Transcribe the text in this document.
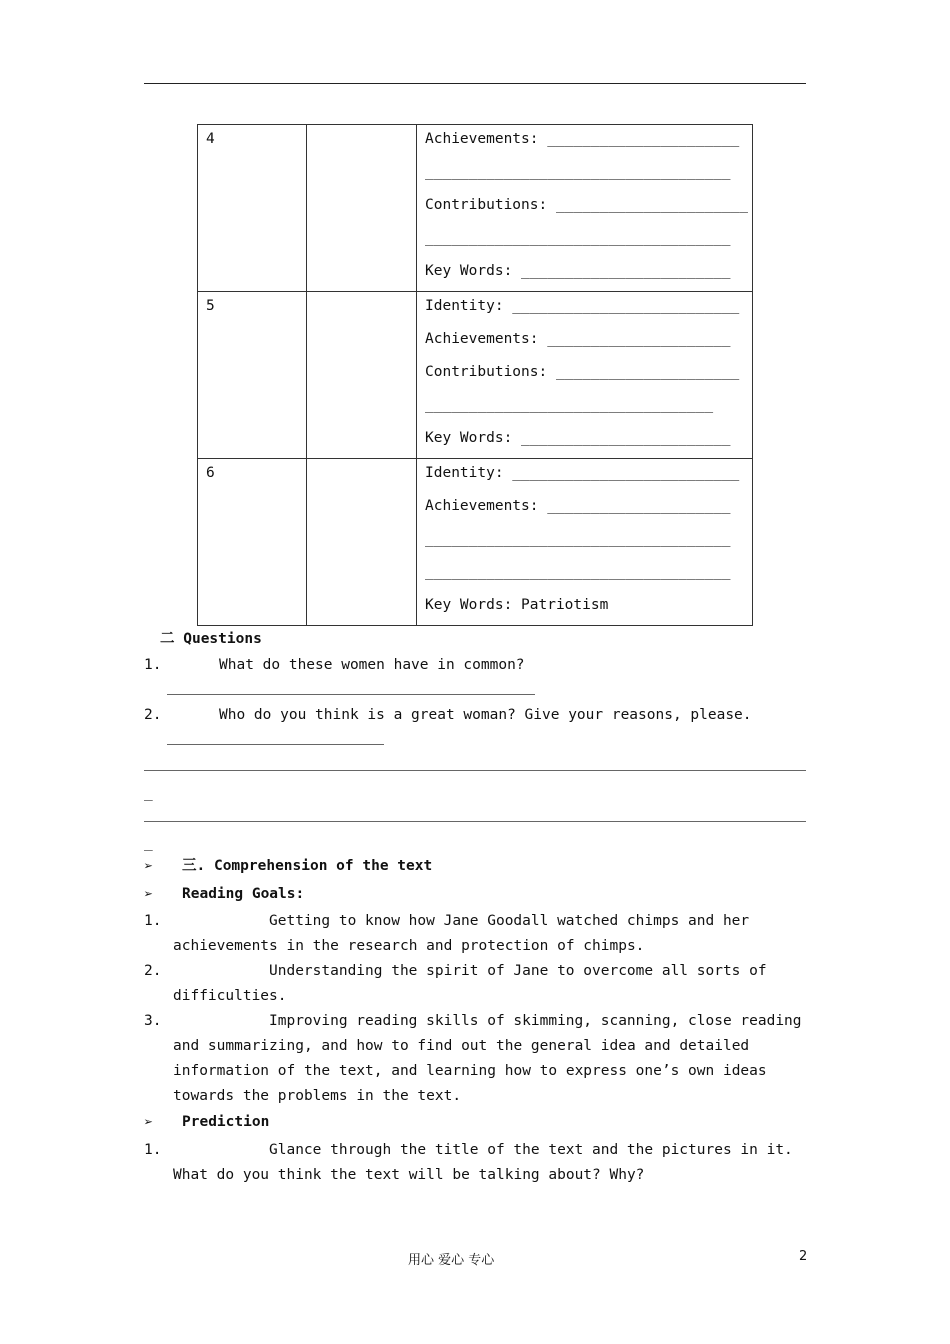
4		Achievements: ______________________
___________________________________
Contributions: ______________________
___________________________________
Key Words: ________________________

5		Identity: __________________________
Achievements: _____________________
Contributions: _____________________
_________________________________
Key Words: ________________________

6		Identity: __________________________
Achievements: _____________________
___________________________________
___________________________________
Key Words: Patriotism
二 Questions
1.	What do these women have in common?
2.	Who do you think is a great woman? Give your reasons, please.
_
_
➢ 三. Comprehension of the text
➢ Reading Goals:
1.	Getting to know how Jane Goodall watched chimps and her
achievements in the research and protection of chimps.
2.	Understanding the spirit of Jane to overcome all sorts of
difficulties.
3.	Improving reading skills of skimming, scanning, close reading
and summarizing, and how to find out the general idea and detailed
information of the text, and learning how to express one’s own ideas
towards the problems in the text.
➢ Prediction
1.	Glance through the title of the text and the pictures in it.
What do you think the text will be talking about? Why?
用心 爱心 专心	2
